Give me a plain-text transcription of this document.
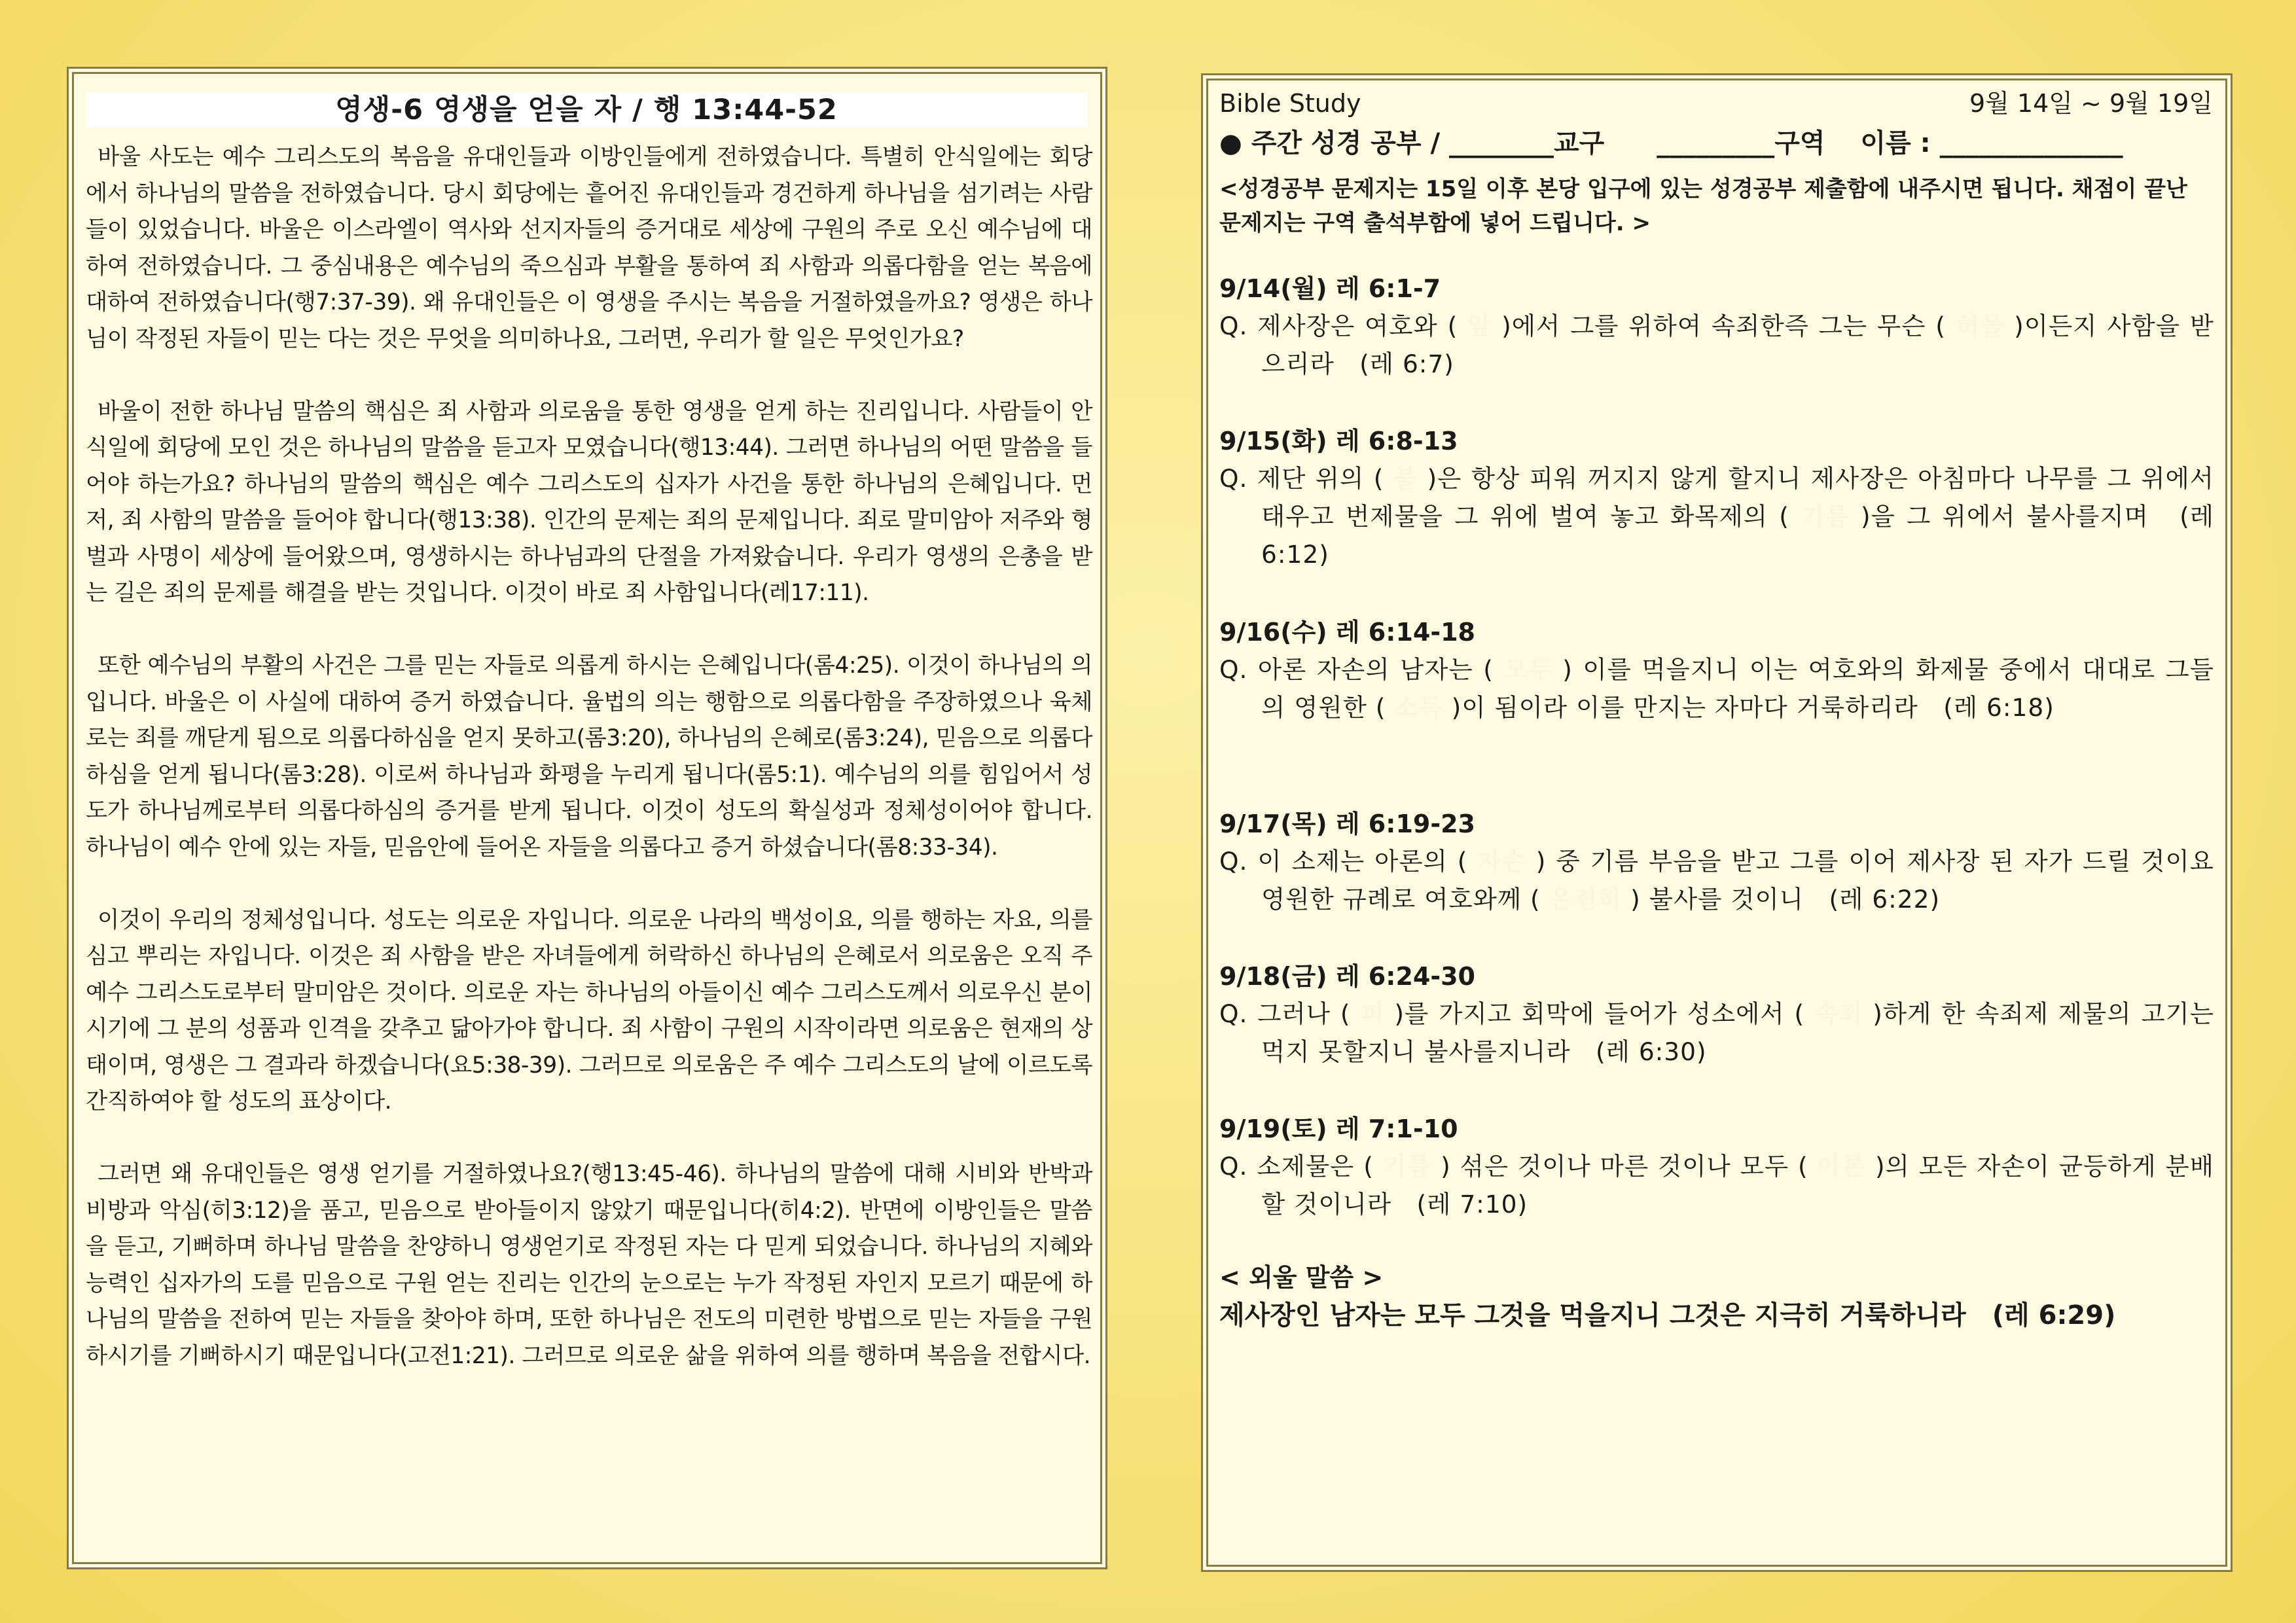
영생-6 영생을 얻을 자 / 행 13:44-52

바울 사도는 예수 그리스도의 복음을 유대인들과 이방인들에게 전하였습니다. 특별히 안식일에는 회당에서 하나님의 말씀을 전하였습니다. 당시 회당에는 흩어진 유대인들과 경건하게 하나님을 섬기려는 사람들이 있었습니다. 바울은 이스라엘이 역사와 선지자들의 증거대로 세상에 구원의 주로 오신 예수님에 대하여 전하였습니다. 그 중심내용은 예수님의 죽으심과 부활을 통하여 죄 사함과 의롭다함을 얻는 복음에 대하여 전하였습니다(행7:37-39). 왜 유대인들은 이 영생을 주시는 복음을 거절하였을까요? 영생은 하나님이 작정된 자들이 믿는 다는 것은 무엇을 의미하나요, 그러면, 우리가 할 일은 무엇인가요?

바울이 전한 하나님 말씀의 핵심은 죄 사함과 의로움을 통한 영생을 얻게 하는 진리입니다. 사람들이 안식일에 회당에 모인 것은 하나님의 말씀을 듣고자 모였습니다(행13:44). 그러면 하나님의 어떤 말씀을 들어야 하는가요? 하나님의 말씀의 핵심은 예수 그리스도의 십자가 사건을 통한 하나님의 은혜입니다. 먼저, 죄 사함의 말씀을 들어야 합니다(행13:38). 인간의 문제는 죄의 문제입니다. 죄로 말미암아 저주와 형벌과 사명이 세상에 들어왔으며, 영생하시는 하나님과의 단절을 가져왔습니다. 우리가 영생의 은총을 받는 길은 죄의 문제를 해결을 받는 것입니다. 이것이 바로 죄 사함입니다(레17:11).

또한 예수님의 부활의 사건은 그를 믿는 자들로 의롭게 하시는 은혜입니다(롬4:25). 이것이 하나님의 의입니다. 바울은 이 사실에 대하여 증거 하였습니다. 율법의 의는 행함으로 의롭다함을 주장하였으나 육체로는 죄를 깨닫게 됨으로 의롭다하심을 얻지 못하고(롬3:20), 하나님의 은혜로(롬3:24), 믿음으로 의롭다하심을 얻게 됩니다(롬3:28). 이로써 하나님과 화평을 누리게 됩니다(롬5:1). 예수님의 의를 힘입어서 성도가 하나님께로부터 의롭다하심의 증거를 받게 됩니다. 이것이 성도의 확실성과 정체성이어야 합니다. 하나님이 예수 안에 있는 자들, 믿음안에 들어온 자들을 의롭다고 증거 하셨습니다(롬8:33-34).

이것이 우리의 정체성입니다. 성도는 의로운 자입니다. 의로운 나라의 백성이요, 의를 행하는 자요, 의를 심고 뿌리는 자입니다. 이것은 죄 사함을 받은 자녀들에게 허락하신 하나님의 은혜로서 의로움은 오직 주 예수 그리스도로부터 말미암은 것이다. 의로운 자는 하나님의 아들이신 예수 그리스도께서 의로우신 분이시기에 그 분의 성품과 인격을 갖추고 닮아가야 합니다. 죄 사함이 구원의 시작이라면 의로움은 현재의 상태이며, 영생은 그 결과라 하겠습니다(요5:38-39). 그러므로 의로움은 주 예수 그리스도의 날에 이르도록 간직하여야 할 성도의 표상이다.

그러면 왜 유대인들은 영생 얻기를 거절하였나요?(행13:45-46). 하나님의 말씀에 대해 시비와 반박과 비방과 악심(히3:12)을 품고, 믿음으로 받아들이지 않았기 때문입니다(히4:2). 반면에 이방인들은 말씀을 듣고, 기뻐하며 하나님 말씀을 찬양하니 영생얻기로 작정된 자는 다 믿게 되었습니다. 하나님의 지혜와 능력인 십자가의 도를 믿음으로 구원 얻는 진리는 인간의 눈으로는 누가 작정된 자인지 모르기 때문에 하나님의 말씀을 전하여 믿는 자들을 찾아야 하며, 또한 하나님은 전도의 미련한 방법으로 믿는 자들을 구원하시기를 기뻐하시기 때문입니다(고전1:21). 그러므로 의로운 삶을 위하여 의를 행하며 복음을 전합시다.

Bible Study	9월 14일 ~ 9월 19일
● 주간 성경 공부 / ________교구　　_________구역　 이름 : ______________
<성경공부 문제지는 15일 이후 본당 입구에 있는 성경공부 제출함에 내주시면 됩니다. 채점이 끝난 문제지는 구역 출석부함에 넣어 드립니다. >

9/14(월) 레 6:1-7

Q. 제사장은 여호와 ( 앞 )에서 그를 위하여 속죄한즉 그는 무슨 ( 허물 )이든지 사함을 받으리라　(레 6:7)

9/15(화) 레 6:8-13

Q. 제단 위의 ( 불 )은 항상 피워 꺼지지 않게 할지니 제사장은 아침마다 나무를 그 위에서 태우고 번제물을 그 위에 벌여 놓고 화목제의 ( 기름 )을 그 위에서 불사를지며　(레 6:12)

9/16(수) 레 6:14-18

Q. 아론 자손의 남자는 ( 모두 ) 이를 먹을지니 이는 여호와의 화제물 중에서 대대로 그들의 영원한 ( 소득 )이 됨이라 이를 만지는 자마다 거룩하리라　(레 6:18)

9/17(목) 레 6:19-23

Q. 이 소제는 아론의 ( 자손 ) 중 기름 부음을 받고 그를 이어 제사장 된 자가 드릴 것이요 영원한 규례로 여호와께 ( 온전히 ) 불사를 것이니　(레 6:22)

9/18(금) 레 6:24-30

Q. 그러나 ( 피 )를 가지고 회막에 들어가 성소에서 ( 속죄 )하게 한 속죄제 제물의 고기는 먹지 못할지니 불사를지니라　(레 6:30)

9/19(토) 레 7:1-10

Q. 소제물은 ( 기름 ) 섞은 것이나 마른 것이나 모두 ( 아론 )의 모든 자손이 균등하게 분배할 것이니라　(레 7:10)

< 외울 말씀 >
제사장인 남자는 모두 그것을 먹을지니 그것은 지극히 거룩하니라　(레 6:29)
